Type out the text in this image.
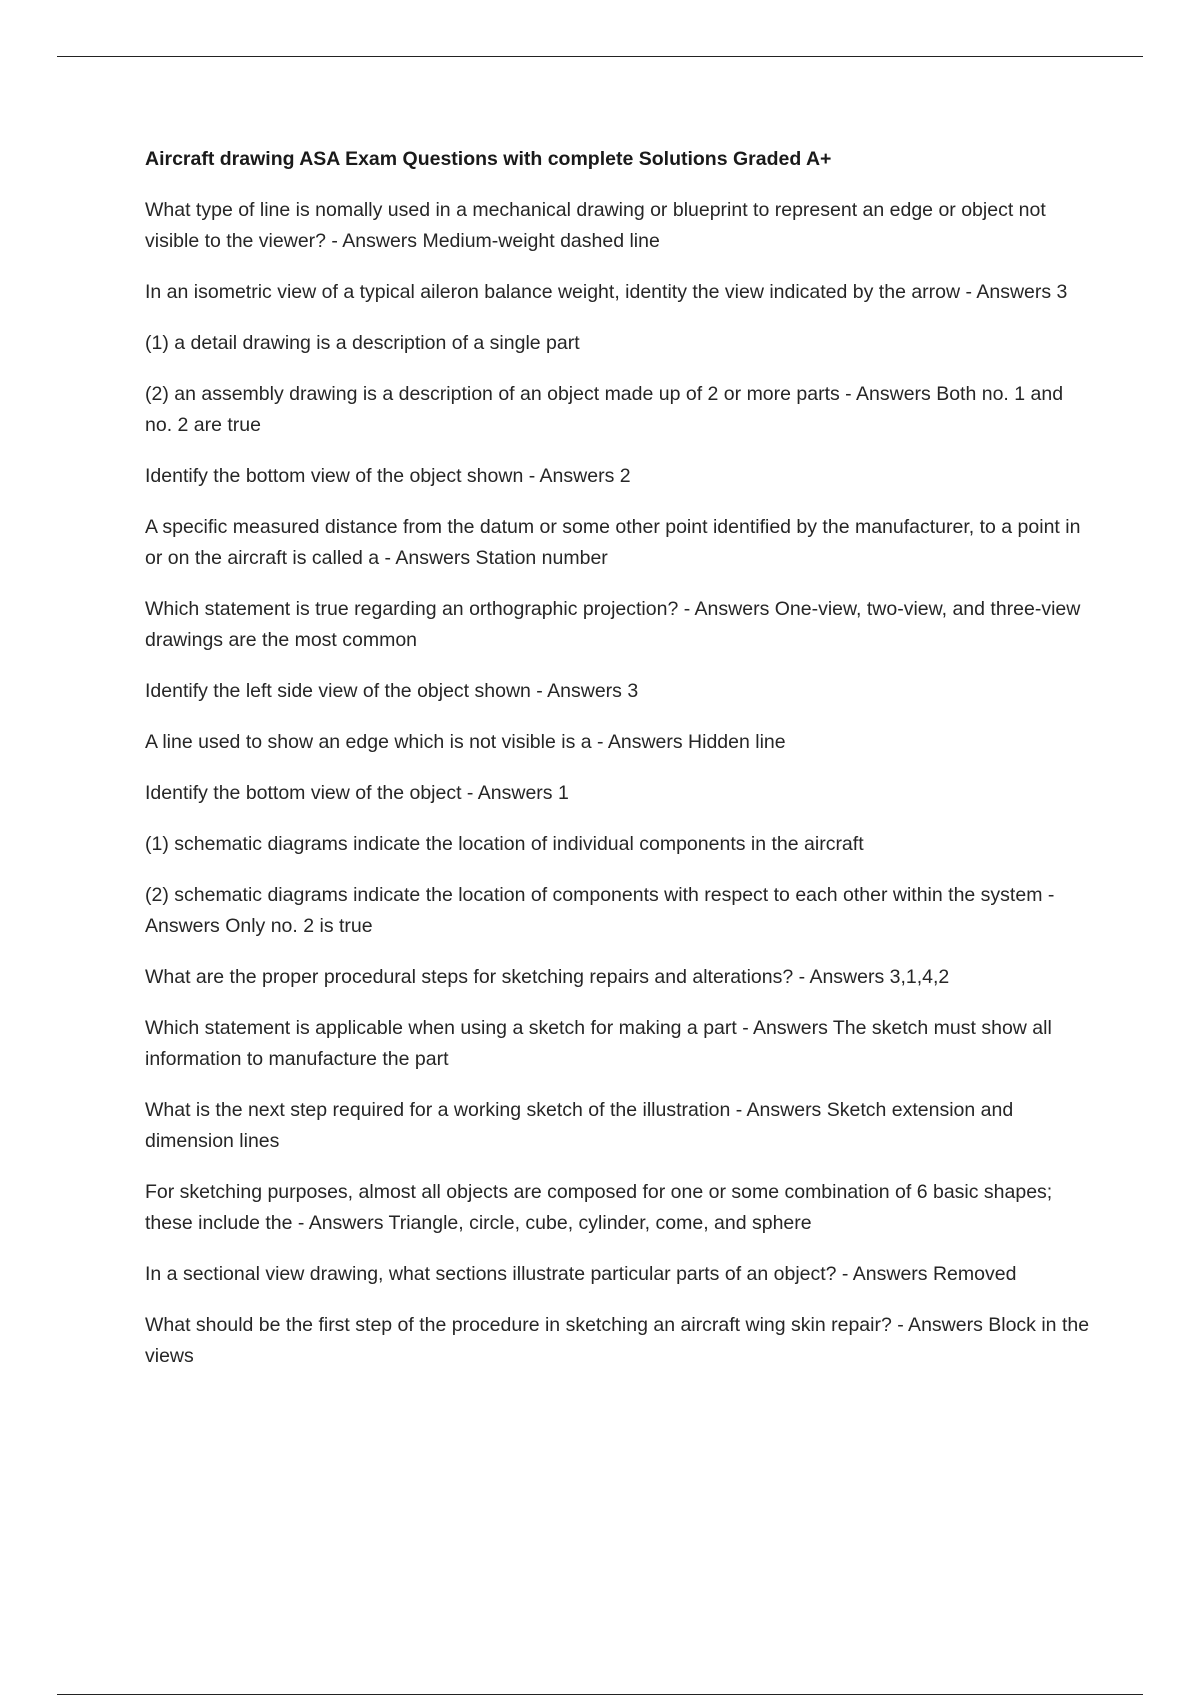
Aircraft drawing ASA Exam Questions with complete Solutions Graded A+

What type of line is nomally used in a mechanical drawing or blueprint to represent an edge or object not visible to the viewer? - Answers Medium-weight dashed line

In an isometric view of a typical aileron balance weight, identity the view indicated by the arrow - Answers 3

(1) a detail drawing is a description of a single part

(2) an assembly drawing is a description of an object made up of 2 or more parts - Answers Both no. 1 and no. 2 are true

Identify the bottom view of the object shown - Answers 2

A specific measured distance from the datum or some other point identified by the manufacturer, to a point in or on the aircraft is called a - Answers Station number

Which statement is true regarding an orthographic projection? - Answers One-view, two-view, and three-view drawings are the most common

Identify the left side view of the object shown - Answers 3

A line used to show an edge which is not visible is a - Answers Hidden line

Identify the bottom view of the object - Answers 1

(1) schematic diagrams indicate the location of individual components in the aircraft

(2) schematic diagrams indicate the location of components with respect to each other within the system - Answers Only no. 2 is true

What are the proper procedural steps for sketching repairs and alterations? - Answers 3,1,4,2

Which statement is applicable when using a sketch for making a part - Answers The sketch must show all information to manufacture the part

What is the next step required for a working sketch of the illustration - Answers Sketch extension and dimension lines

For sketching purposes, almost all objects are composed for one or some combination of 6 basic shapes; these include the - Answers Triangle, circle, cube, cylinder, come, and sphere

In a sectional view drawing, what sections illustrate particular parts of an object? - Answers Removed

What should be the first step of the procedure in sketching an aircraft wing skin repair? - Answers Block in the views
